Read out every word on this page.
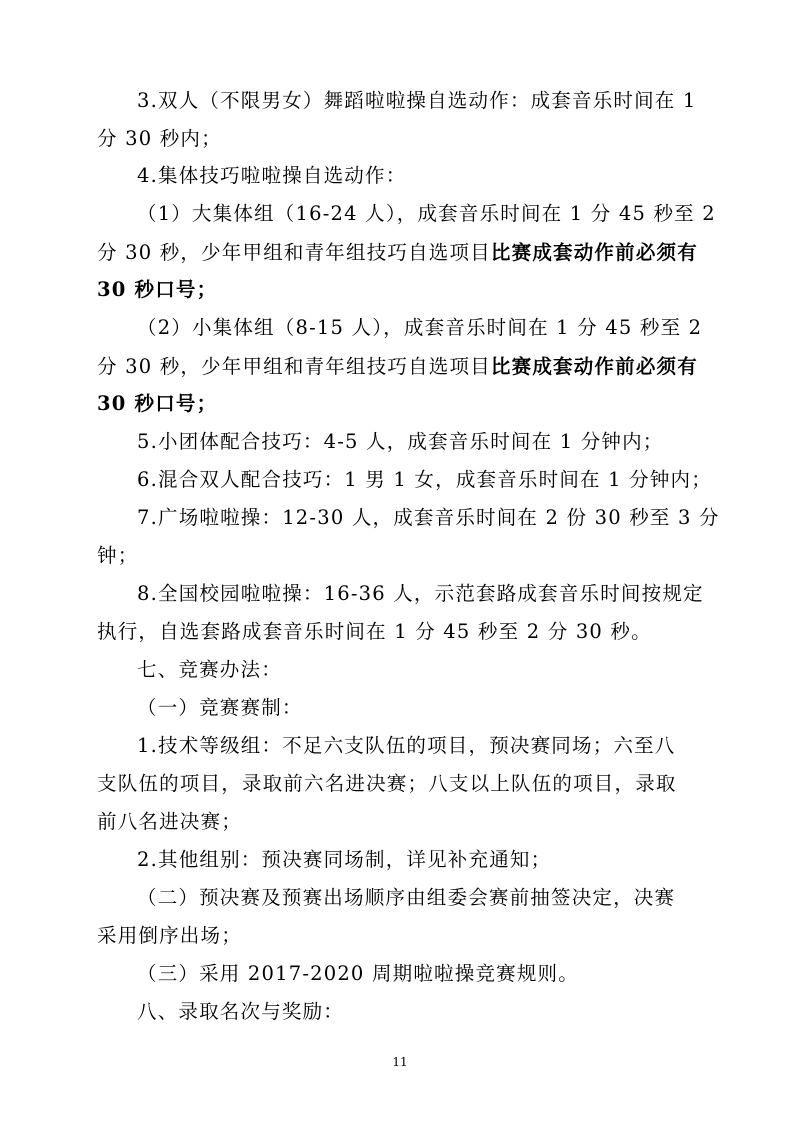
3.双人（不限男女）舞蹈啦啦操自选动作：成套音乐时间在 1
分 30 秒内；
4.集体技巧啦啦操自选动作：
（1）大集体组（16-24 人），成套音乐时间在 1 分 45 秒至 2
分 30 秒，少年甲组和青年组技巧自选项目比赛成套动作前必须有
30 秒口号；
（2）小集体组（8-15 人），成套音乐时间在 1 分 45 秒至 2
分 30 秒，少年甲组和青年组技巧自选项目比赛成套动作前必须有
30 秒口号；
5.小团体配合技巧：4-5 人，成套音乐时间在 1 分钟内；
6.混合双人配合技巧：1 男 1 女，成套音乐时间在 1 分钟内；
7.广场啦啦操：12-30 人，成套音乐时间在 2 份 30 秒至 3 分
钟；
8.全国校园啦啦操：16-36 人，示范套路成套音乐时间按规定
执行，自选套路成套音乐时间在 1 分 45 秒至 2 分 30 秒。
七、竞赛办法：
（一）竞赛赛制：
1.技术等级组：不足六支队伍的项目，预决赛同场；六至八
支队伍的项目，录取前六名进决赛；八支以上队伍的项目，录取
前八名进决赛；
2.其他组别：预决赛同场制，详见补充通知；
（二）预决赛及预赛出场顺序由组委会赛前抽签决定，决赛
采用倒序出场；
（三）采用 2017-2020 周期啦啦操竞赛规则。
八、录取名次与奖励：
11
